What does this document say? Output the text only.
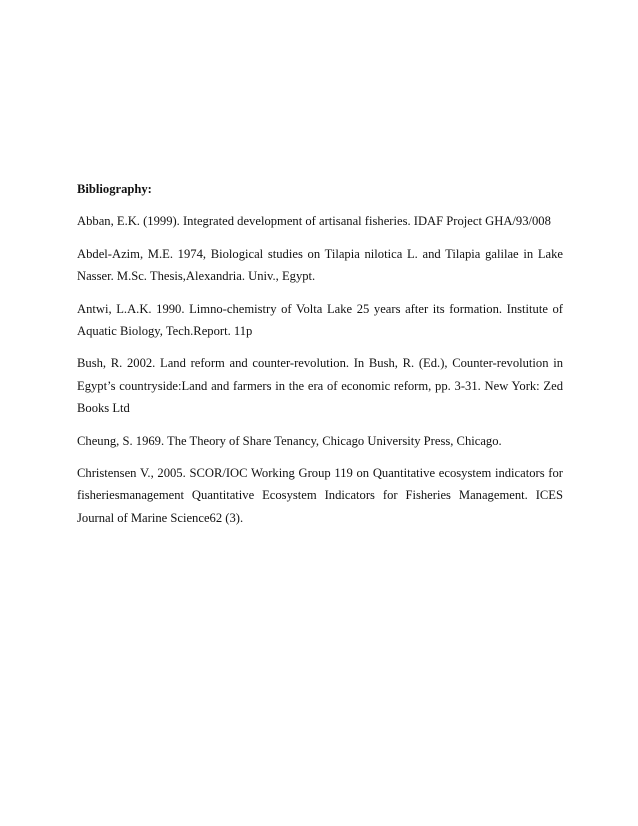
Bibliography:

Abban, E.K. (1999). Integrated development of artisanal fisheries. IDAF Project GHA/93/008

Abdel-Azim, M.E. 1974, Biological studies on Tilapia nilotica L. and Tilapia galilae in Lake Nasser. M.Sc. Thesis,Alexandria. Univ., Egypt.

Antwi, L.A.K. 1990. Limno-chemistry of Volta Lake 25 years after its formation. Institute of Aquatic Biology, Tech.Report. 11p

Bush, R. 2002. Land reform and counter-revolution. In Bush, R. (Ed.), Counter-revolution in Egypt’s countryside:Land and farmers in the era of economic reform, pp. 3-31. New York: Zed Books Ltd

Cheung, S. 1969. The Theory of Share Tenancy, Chicago University Press, Chicago.

Christensen V., 2005. SCOR/IOC Working Group 119 on Quantitative ecosystem indicators for fisheriesmanagement Quantitative Ecosystem Indicators for Fisheries Management. ICES Journal of Marine Science62 (3).
